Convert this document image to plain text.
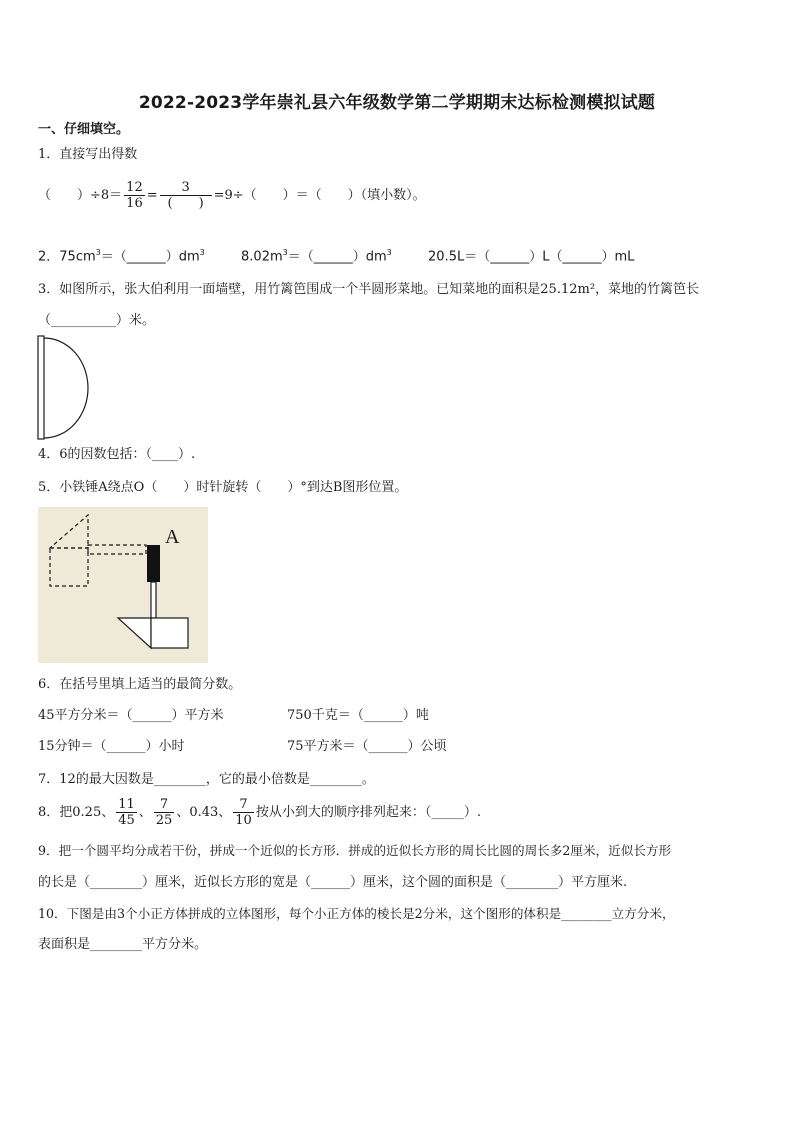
2022-2023学年崇礼县六年级数学第二学期期末达标检测模拟试题
一、仔细填空。
1．直接写出得数
（　　）$\div 8= \frac{12}{16} = \frac{3}{( )} =9\div$（　　）＝（　　）（填小数）。
2．$75cm^3=(\_\_\_\_\_\_)dm^3$	$8.02m^3=(\_\_\_\_\_\_)dm^3$	20.5L＝（______）L（______）mL
3．如图所示，张大伯利用一面墙壁，用竹篱笆围成一个半圆形菜地。已知菜地的面积是25.12m²，菜地的竹篱笆长
（__________）米。
4．6的因数包括：（____）.
5．小铁锤A绕点O（　　）时针旋转（　　）°到达B图形位置。
A
6．在括号里填上适当的最简分数。
45平方分米＝（______）平方米	750千克＝（______）吨
15分钟＝（______）小时	75平方米＝（______）公顷
7．12的最大因数是________，它的最小倍数是________。
8．把0.25、 $\frac{11}{45}$ 、 $\frac{7}{25}$ 、0.43、 $\frac{7}{10}$ 按从小到大的顺序排列起来：（_____）.
9．把一个圆平均分成若干份，拼成一个近似的长方形．拼成的近似长方形的周长比圆的周长多2厘米，近似长方形
的长是（________）厘米，近似长方形的宽是（______）厘米，这个圆的面积是（________）平方厘米.
10．下图是由3个小正方体拼成的立体图形，每个小正方体的棱长是2分米，这个图形的体积是________立方分米，
表面积是________平方分米。
